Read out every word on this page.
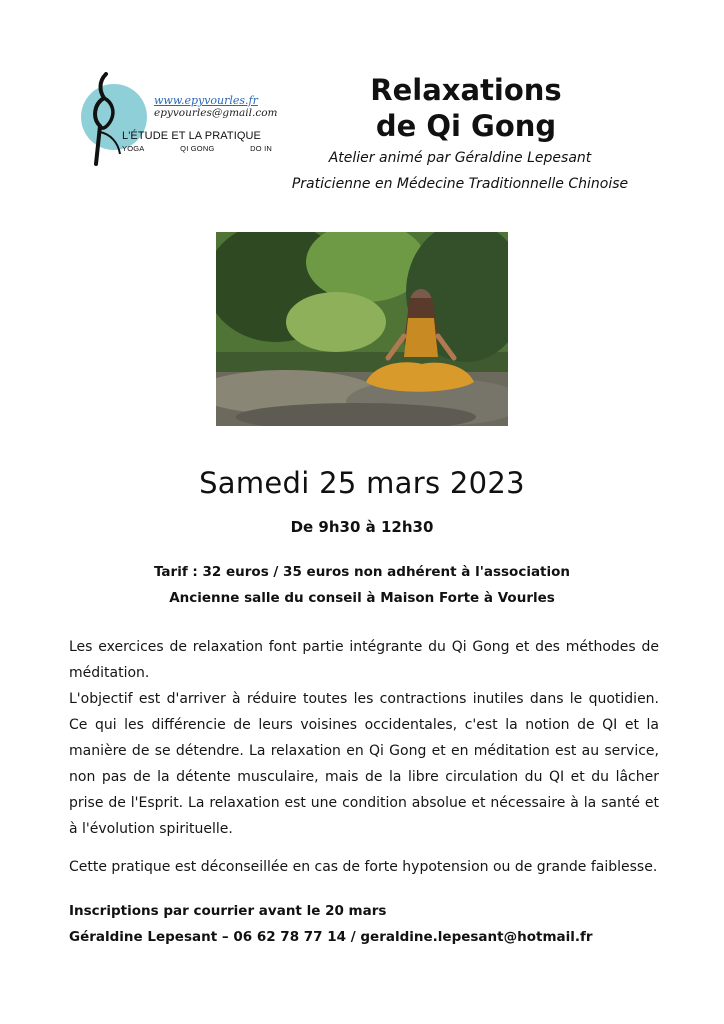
www.epyvourles.fr
epyvourles@gmail.com
L'ÉTUDE ET LA PRATIQUE
YOGA	QI GONG	DO IN
Relaxations
de Qi Gong
Atelier animé par Géraldine Lepesant
Praticienne en Médecine Traditionnelle Chinoise
Samedi 25 mars 2023
De 9h30 à 12h30
Tarif : 32 euros / 35 euros non adhérent à l'association
Ancienne salle du conseil à Maison Forte à Vourles

Les exercices de relaxation font partie intégrante du Qi Gong et des méthodes de méditation.

L'objectif est d'arriver à réduire toutes les contractions inutiles dans le quotidien. Ce qui les différencie de leurs voisines occidentales, c'est la notion de QI et la manière de se détendre. La relaxation en Qi Gong et en méditation est au service, non pas de la détente musculaire, mais de la libre circulation du QI et du lâcher prise de l'Esprit. La relaxation est une condition absolue et nécessaire à la santé et à l'évolution spirituelle.

Cette pratique est déconseillée en cas de forte hypotension ou de grande faiblesse.

Inscriptions par courrier avant le 20 mars
Géraldine Lepesant – 06 62 78 77 14 / geraldine.lepesant@hotmail.fr
